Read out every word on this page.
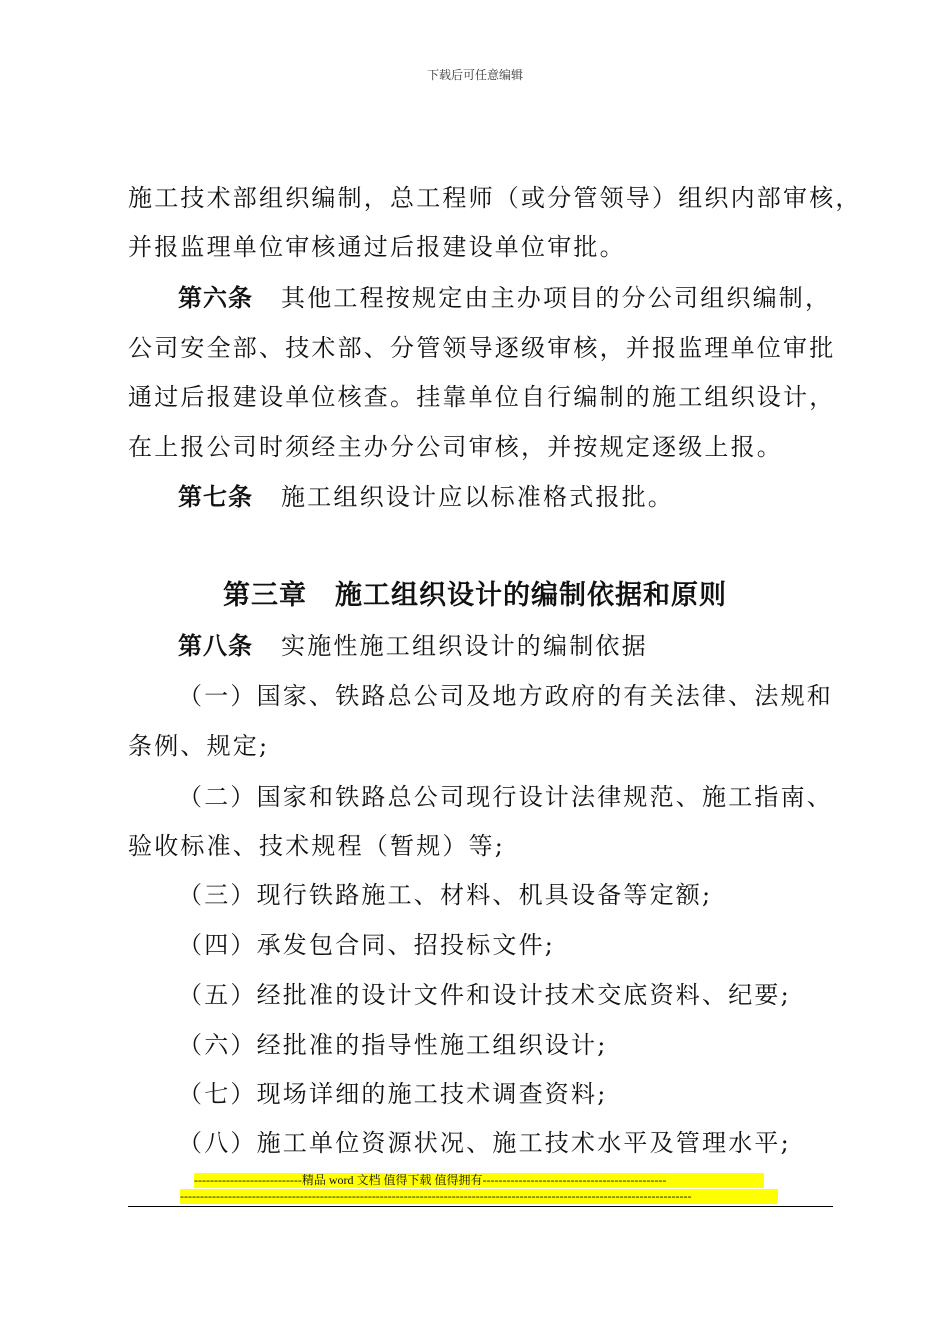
下载后可任意编辑
施工技术部组织编制，总工程师（或分管领导）组织内部审核，
并报监理单位审核通过后报建设单位审批。
第六条 其他工程按规定由主办项目的分公司组织编制，
公司安全部、技术部、分管领导逐级审核，并报监理单位审批
通过后报建设单位核查。挂靠单位自行编制的施工组织设计，
在上报公司时须经主办分公司审核，并按规定逐级上报。
第七条 施工组织设计应以标准格式报批。
第三章 施工组织设计的编制依据和原则
第八条 实施性施工组织设计的编制依据
（一）国家、铁路总公司及地方政府的有关法律、法规和
条例、规定;
（二）国家和铁路总公司现行设计法律规范、施工指南、
验收标准、技术规程（暂规）等;
（三）现行铁路施工、材料、机具设备等定额;
（四）承发包合同、招投标文件;
（五）经批准的设计文件和设计技术交底资料、纪要;
（六）经批准的指导性施工组织设计;
（七）现场详细的施工技术调查资料;
（八）施工单位资源状况、施工技术水平及管理水平;
---------------------------精品 word 文档 值得下载 值得拥有----------------------------------------------
--------------------------------------------------------------------------------------------------------------------------------
